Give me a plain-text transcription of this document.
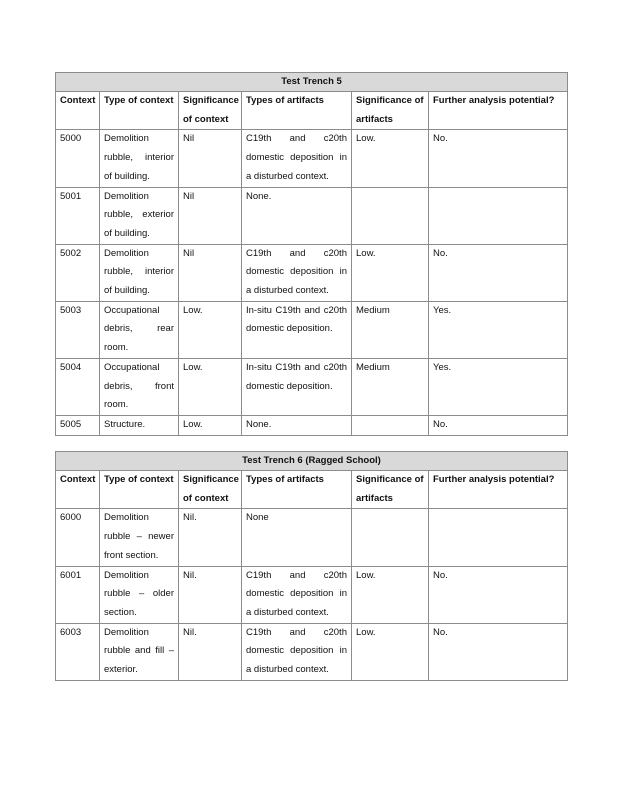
Test Trench 5					
Context	Type of context	Significance of context	Types of artifacts	Significance of artifacts	Further analysis potential?
5000	Demolition rubble, interior of building.	Nil	C19th and c20th domestic deposition in a disturbed context.	Low.	No.
5001	Demolition rubble, exterior of building.	Nil	None.		
5002	Demolition rubble, interior of building.	Nil	C19th and c20th domestic deposition in a disturbed context.	Low.	No.
5003	Occupational debris, rear room.	Low.	In-situ C19th and c20th domestic deposition.	Medium	Yes.
5004	Occupational debris, front room.	Low.	In-situ C19th and c20th domestic deposition.	Medium	Yes.
5005	Structure.	Low.	None.		No.
Test Trench 6 (Ragged School)					
Context	Type of context	Significance of context	Types of artifacts	Significance of artifacts	Further analysis potential?
6000	Demolition rubble – newer front section.	Nil.	None		
6001	Demolition rubble – older section.	Nil.	C19th and c20th domestic deposition in a disturbed context.	Low.	No.
6003	Demolition rubble and fill – exterior.	Nil.	C19th and c20th domestic deposition in a disturbed context.	Low.	No.
